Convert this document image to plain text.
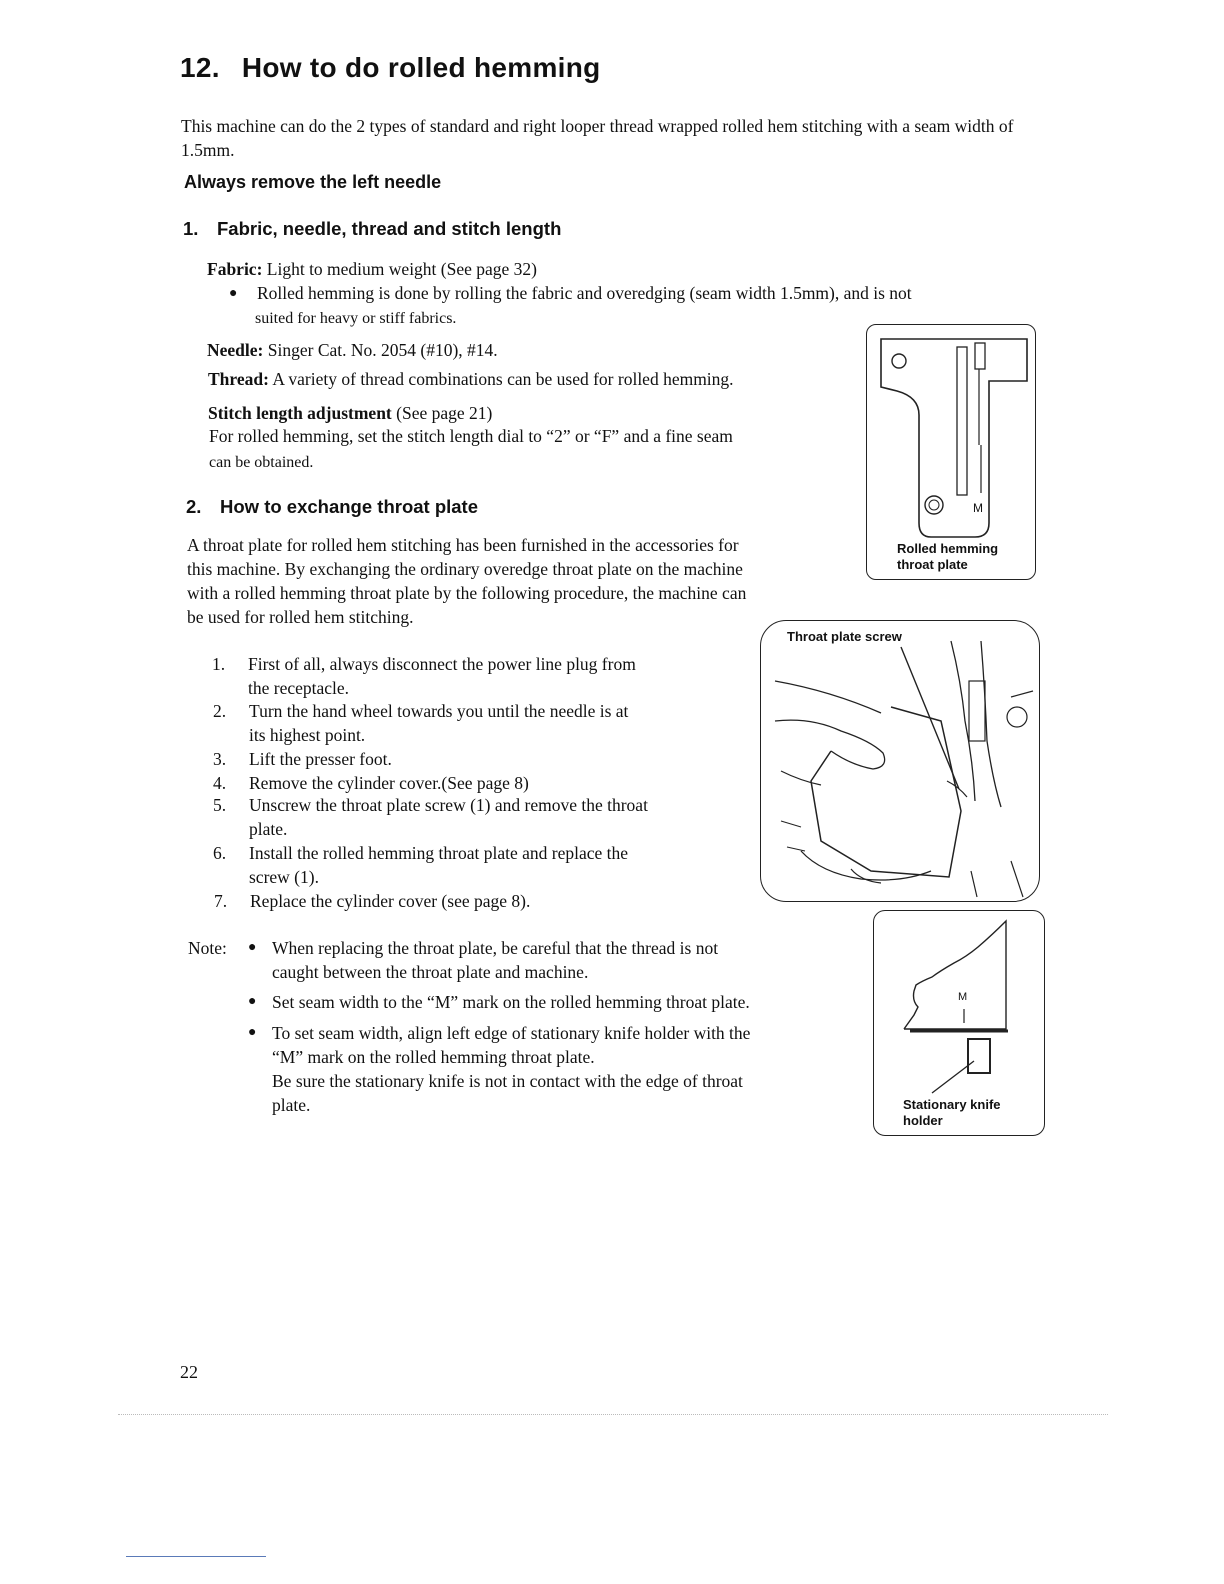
12. How to do rolled hemming
This machine can do the 2 types of standard and right looper thread wrapped rolled hem stitching with a seam width of 1.5mm.
Always remove the left needle
1. Fabric, needle, thread and stitch length
Fabric: Light to medium weight (See page 32)
● Rolled hemming is done by rolling the fabric and overedging (seam width 1.5mm), and is not
suited for heavy or stiff fabrics.
Needle: Singer Cat. No. 2054 (#10), #14.
Thread: A variety of thread combinations can be used for rolled hemming.
Stitch length adjustment (See page 21)
For rolled hemming, set the stitch length dial to “2” or “F” and a fine seam
can be obtained.
2. How to exchange throat plate
A throat plate for rolled hem stitching has been furnished in the accessories for
this machine. By exchanging the ordinary overedge throat plate on the machine
with a rolled hemming throat plate by the following procedure, the machine can
be used for rolled hem stitching.
1.	First of all, always disconnect the power line plug from
the receptacle.
2.	Turn the hand wheel towards you until the needle is at
its highest point.
3.	Lift the presser foot.
4.	Remove the cylinder cover.(See page 8)
5.	Unscrew the throat plate screw (1) and remove the throat
plate.
6.	Install the rolled hemming throat plate and replace the
screw (1).
7.	Replace the cylinder cover (see page 8).
Note: ● When replacing the throat plate, be careful that the thread is not
caught between the throat plate and machine.
● Set seam width to the “M” mark on the rolled hemming throat plate.
● To set seam width, align left edge of stationary knife holder with the
“M” mark on the rolled hemming throat plate.
Be sure the stationary knife is not in contact with the edge of throat
plate.
M
Rolled hemming
throat plate
Throat plate screw
M
Stationary knife
holder
22
